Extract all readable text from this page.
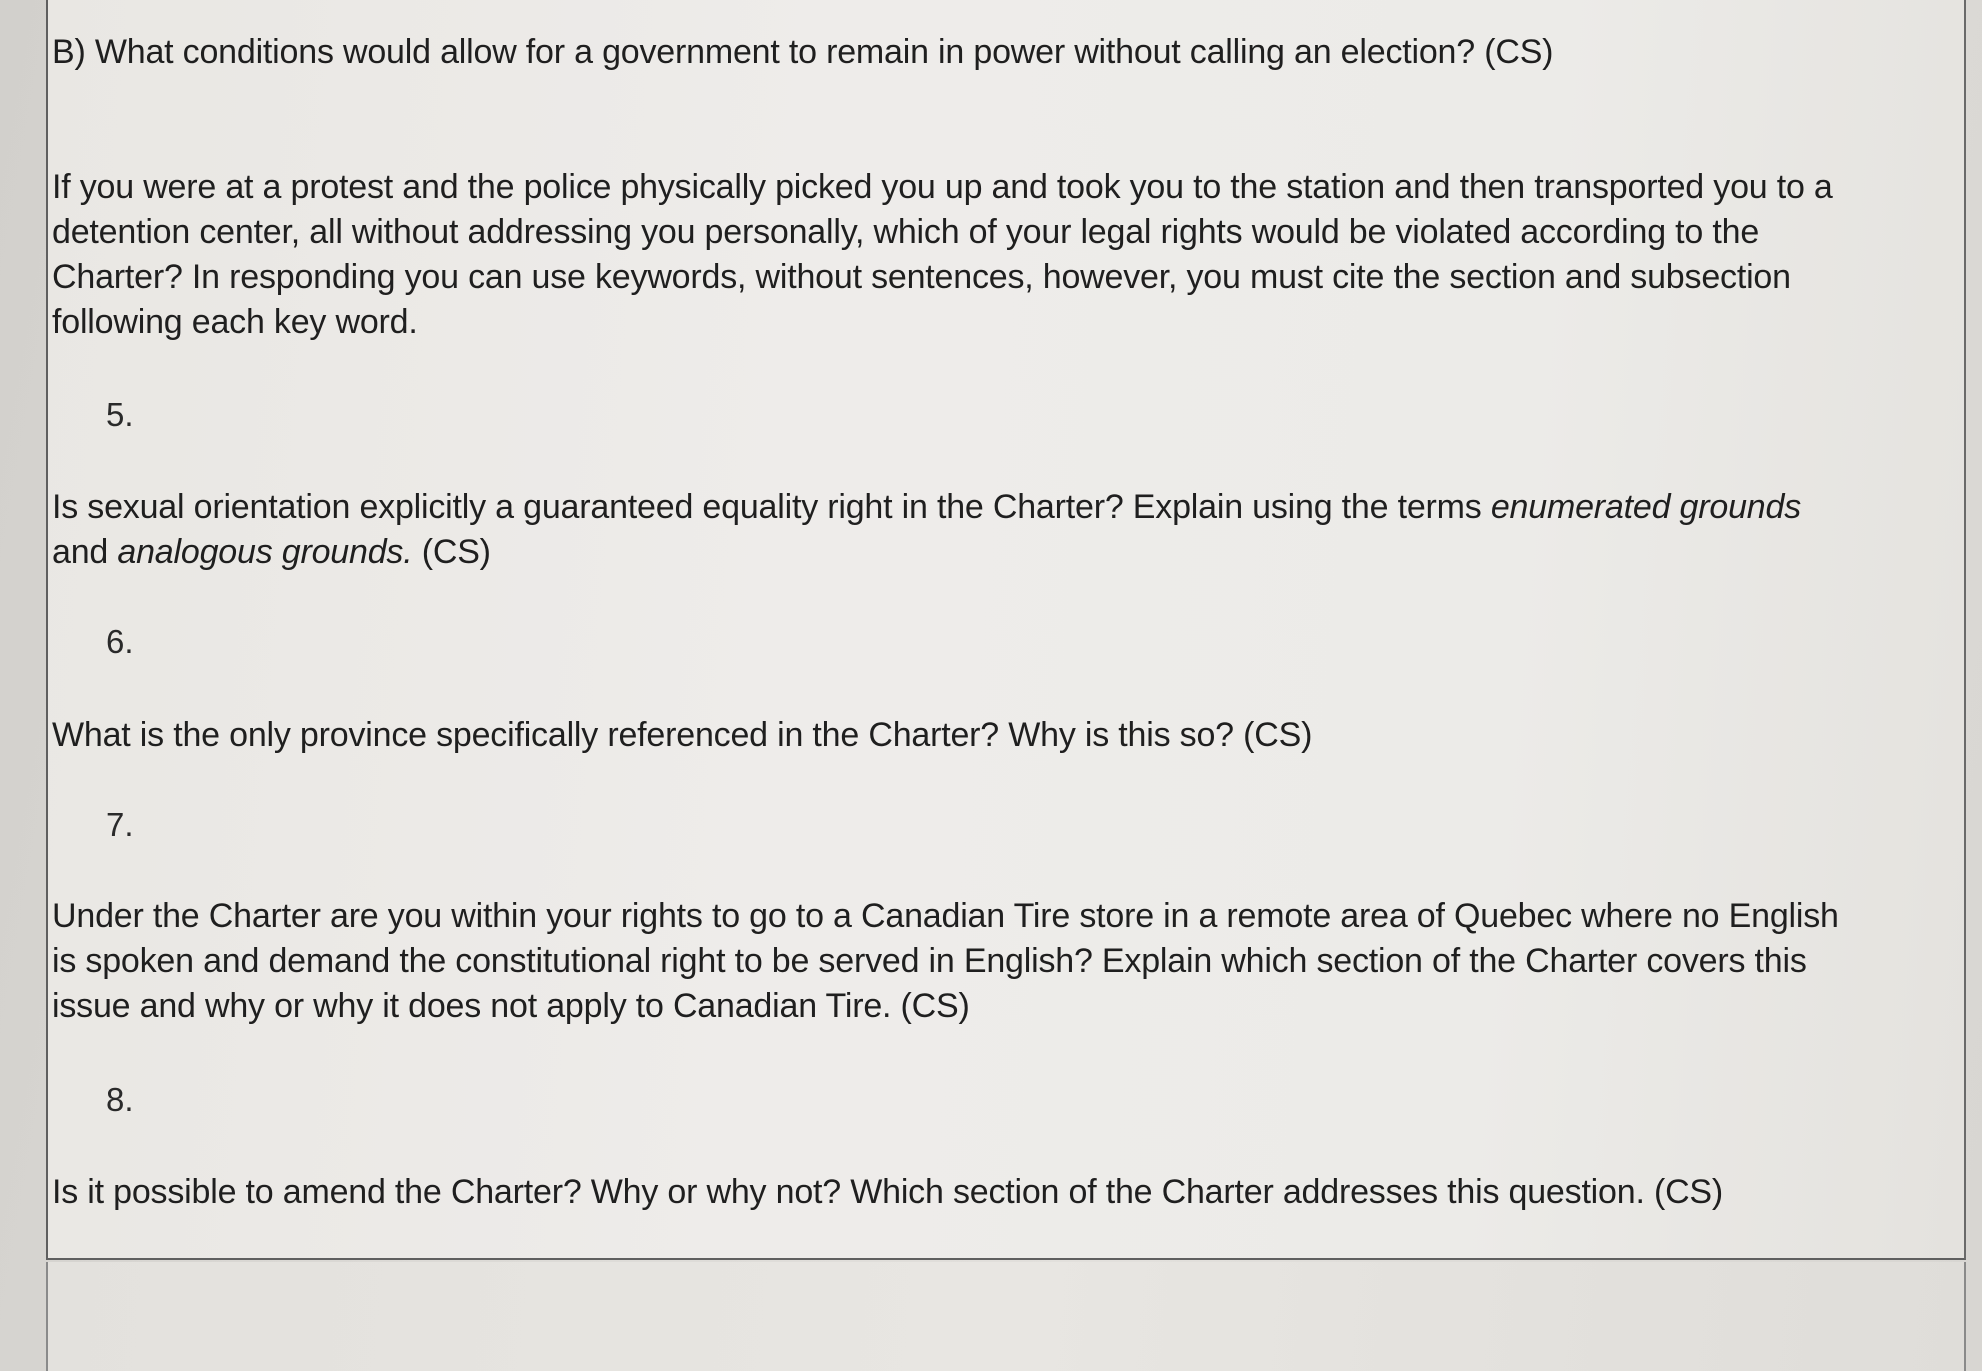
B) What conditions would allow for a government to remain in power without calling an election? (CS)

If you were at a protest and the police physically picked you up and took you to the station and then transported you to a

detention center, all without addressing you personally, which of your legal rights would be violated according to the

Charter? In responding you can use keywords, without sentences, however, you must cite the section and subsection

following each key word.

5.

Is sexual orientation explicitly a guaranteed equality right in the Charter? Explain using the terms enumerated grounds

and analogous grounds. (CS)

6.

What is the only province specifically referenced in the Charter? Why is this so? (CS)

7.

Under the Charter are you within your rights to go to a Canadian Tire store in a remote area of Quebec where no English

is spoken and demand the constitutional right to be served in English? Explain which section of the Charter covers this

issue and why or why it does not apply to Canadian Tire. (CS)

8.

Is it possible to amend the Charter? Why or why not? Which section of the Charter addresses this question. (CS)
